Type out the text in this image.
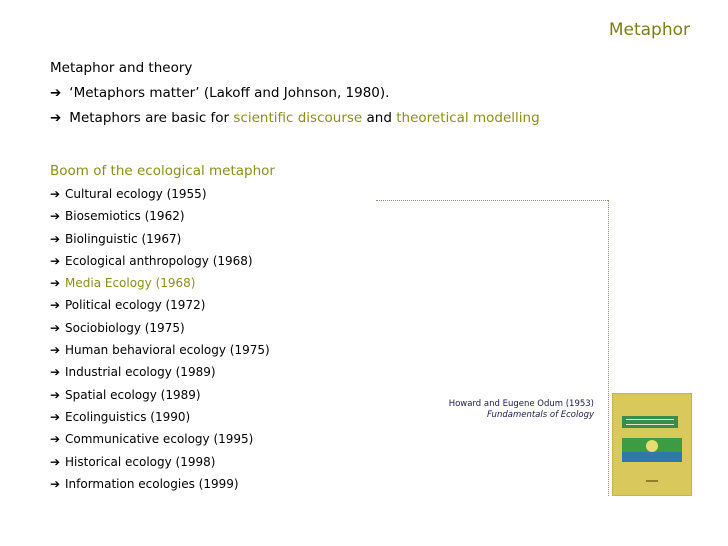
Metaphor
Metaphor and theory
➔ ‘Metaphors matter’ (Lakoff and Johnson, 1980).
➔ Metaphors are basic for scientific discourse and theoretical modelling
Boom of the ecological metaphor
➔ Cultural ecology (1955)
➔ Biosemiotics (1962)
➔ Biolinguistic (1967)
➔ Ecological anthropology (1968)
➔ Media Ecology (1968)
➔ Political ecology (1972)
➔ Sociobiology (1975)
➔ Human behavioral ecology (1975)
➔ Industrial ecology (1989)
➔ Spatial ecology (1989)
➔ Ecolinguistics (1990)
➔ Communicative ecology (1995)
➔ Historical ecology (1998)
➔ Information ecologies (1999)
Howard and Eugene Odum (1953)
Fundamentals of Ecology
